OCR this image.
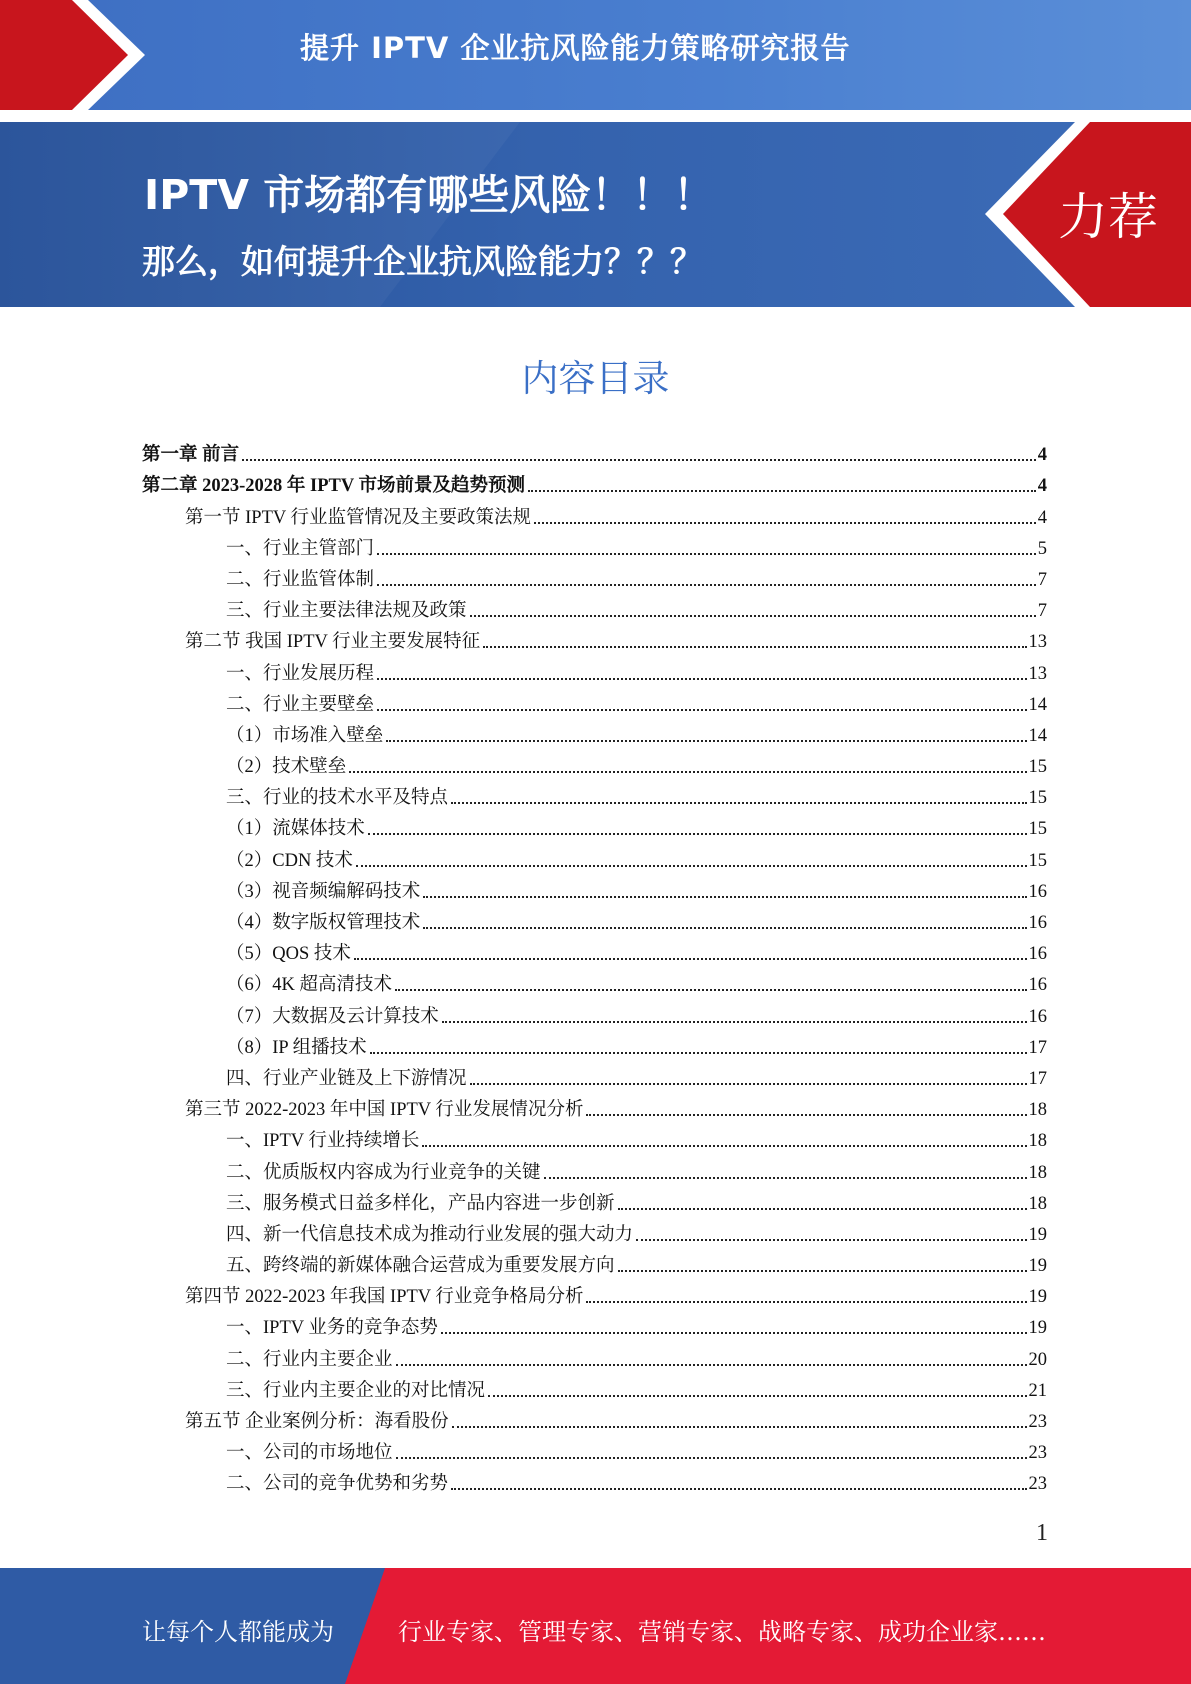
提升 IPTV 企业抗风险能力策略研究报告
IPTV 市场都有哪些风险！！！
那么，如何提升企业抗风险能力？？？
力荐
内容目录
第一章 前言	4
第二章 2023-2028 年 IPTV 市场前景及趋势预测	4
第一节 IPTV 行业监管情况及主要政策法规	4
一、行业主管部门	5
二、行业监管体制	7
三、行业主要法律法规及政策	7
第二节 我国 IPTV 行业主要发展特征	13
一、行业发展历程	13
二、行业主要壁垒	14
（1）市场准入壁垒	14
（2）技术壁垒	15
三、行业的技术水平及特点	15
（1）流媒体技术	15
（2）CDN 技术	15
（3）视音频编解码技术	16
（4）数字版权管理技术	16
（5）QOS 技术	16
（6）4K 超高清技术	16
（7）大数据及云计算技术	16
（8）IP 组播技术	17
四、行业产业链及上下游情况	17
第三节 2022-2023 年中国 IPTV 行业发展情况分析	18
一、IPTV 行业持续增长	18
二、优质版权内容成为行业竞争的关键	18
三、服务模式日益多样化，产品内容进一步创新	18
四、新一代信息技术成为推动行业发展的强大动力	19
五、跨终端的新媒体融合运营成为重要发展方向	19
第四节 2022-2023 年我国 IPTV 行业竞争格局分析	19
一、IPTV 业务的竞争态势	19
二、行业内主要企业	20
三、行业内主要企业的对比情况	21
第五节 企业案例分析：海看股份	23
一、公司的市场地位	23
二、公司的竞争优势和劣势	23
1
让每个人都能成为	行业专家、管理专家、营销专家、战略专家、成功企业家……
